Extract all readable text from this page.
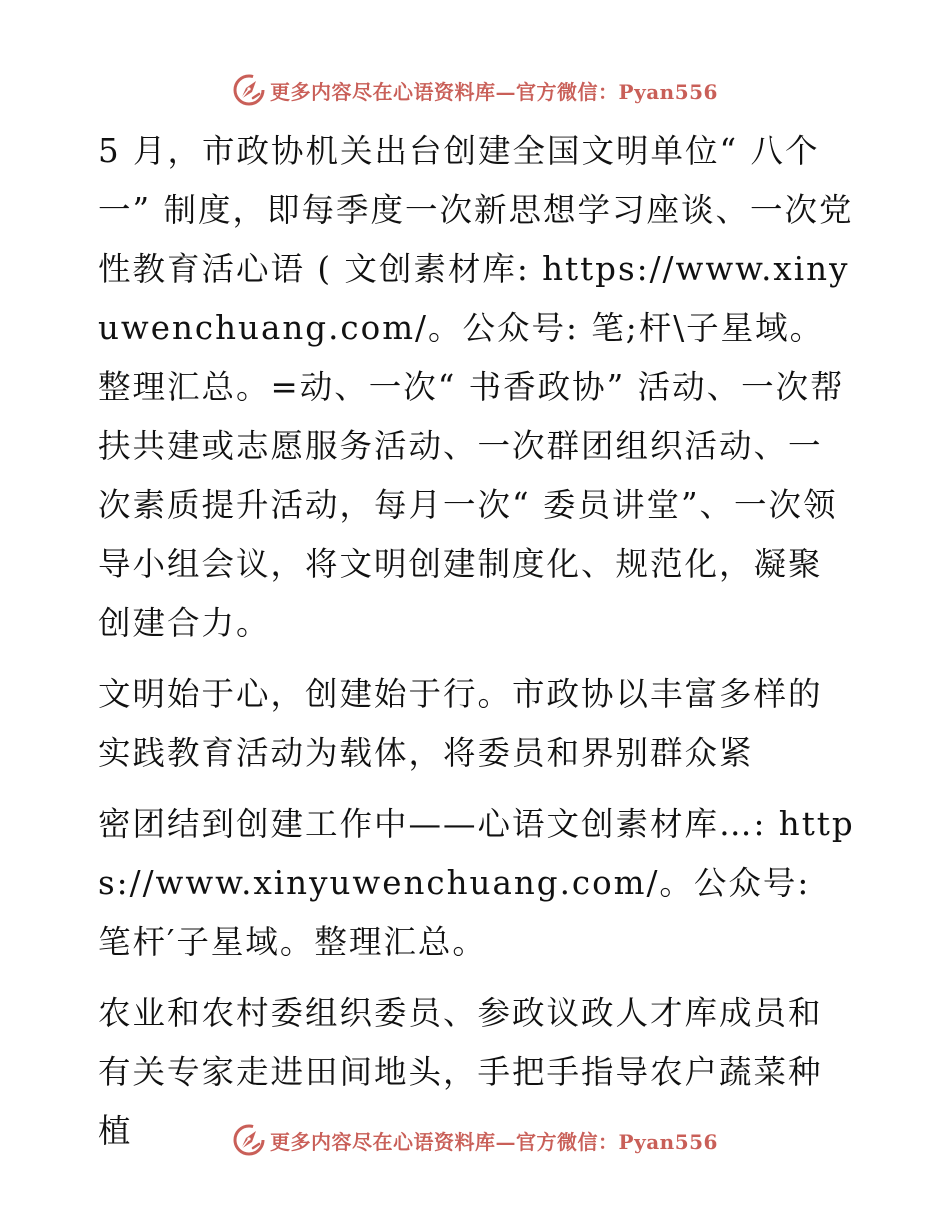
更多内容尽在心语资料库—官方微信：Pyan556

5 月，市政协机关出台创建全国文明单位“ 八个一” 制度，即每季度一次新思想学习座谈、一次党性教育活心语 ( 文创素材库: https://www.xinyuwenchuang.com/。公众号: 笔;杆\子星域。整理汇总。=动、一次“ 书香政协” 活动、一次帮扶共建或志愿服务活动、一次群团组织活动、一次素质提升活动，每月一次“ 委员讲堂”、一次领导小组会议，将文明创建制度化、规范化，凝聚创建合力。

文明始于心，创建始于行。市政协以丰富多样的实践教育活动为载体，将委员和界别群众紧

密团结到创建工作中——心语文创素材库…: https://www.xinyuwenchuang.com/。公众号: 笔杆′子星域。整理汇总。

农业和农村委组织委员、参政议政人才库成员和有关专家走进田间地头，手把手指导农户蔬菜种植	更多内容尽在心语资料库—官方微信：Pyan556
